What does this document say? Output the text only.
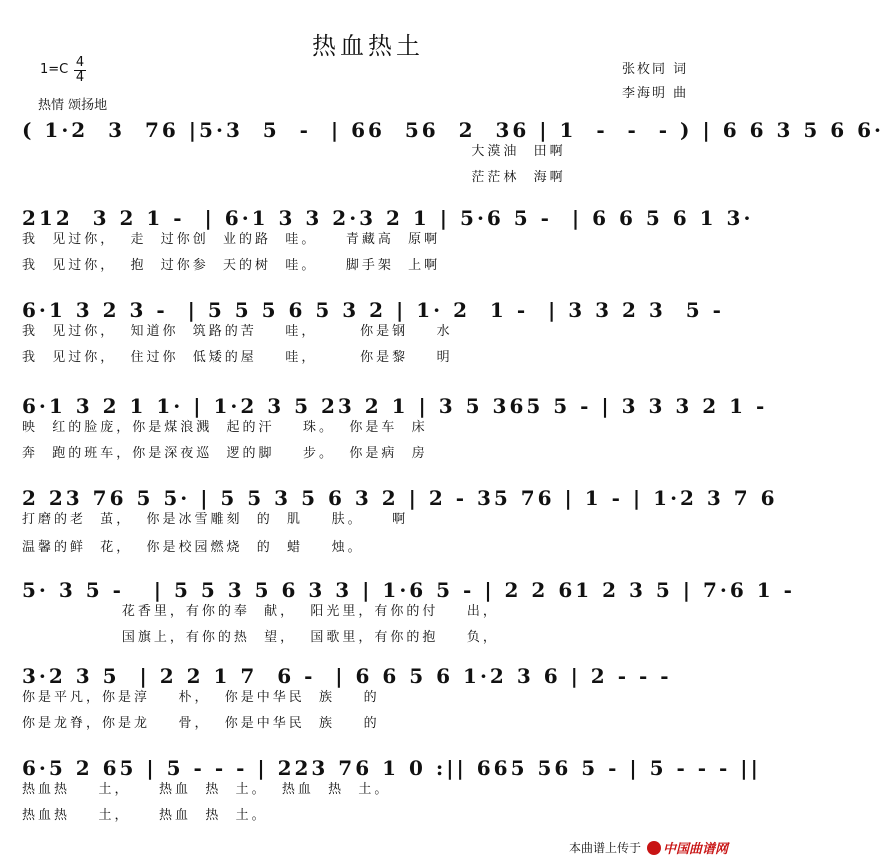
热血热土
$1=C \frac{4}{4}$
热情 颂扬地
张枚同 词
李海明 曲
( 1·2  3  76 |5·3  5  -  | 66  56  2  36 | 1  -  -  - ) | 6 6 3 5 6 6·
大漠油  田啊
茫茫林  海啊
212  3 2 1 -  | 6·1 3 3 2·3 2 1 | 5·6 5 -  | 6 6 5 6 1 3·
我  见过你，  走  过你创  业的路  哇。    青藏高  原啊
我  见过你，  抱  过你参  天的树  哇。    脚手架  上啊
6·1 3 2 3 -  | 5 5 5 6 5 3 2 | 1· 2  1 -  | 3 3 2 3  5 -
我  见过你，  知道你  筑路的苦    哇，      你是钢    水
我  见过你，  住过你  低矮的屋    哇，      你是黎    明
6·1 3 2 1 1· | 1·2 3 5 23 2 1 | 3 5 365 5 - | 3 3 3 2 1 -
映  红的脸庞，你是煤浪溅  起的汗    珠。  你是车  床
奔  跑的班车，你是深夜巡  逻的脚    步。  你是病  房
2 23 76 5 5· | 5 5 3 5 6 3 2 | 2 - 35 76 | 1 - | 1·2 3 7 6
打磨的老  茧，  你是冰雪雕刻  的  肌    肤。    啊
温馨的鲜  花，  你是校园燃烧  的  蜡    烛。
5· 3 5 -   | 5 5 3 5 6 3 3 | 1·6 5 - | 2 2 61 2 3 5 | 7·6 1 -
花香里，有你的奉  献，  阳光里，有你的付    出，
国旗上，有你的热  望，  国歌里，有你的抱    负，
3·2 3 5  | 2 2 1 7  6 -  | 6 6 5 6 1·2 3 6 | 2 - - -
你是平凡，你是淳    朴，  你是中华民  族    的
你是龙脊，你是龙    骨，  你是中华民  族    的
6·5 2 65 | 5 - - - | 223 76 1 0 :|| 665 56 5 - | 5 - - - ||
热血热    土，    热血  热  土。  热血  热  土。
热血热    土，    热血  热  土。
本曲谱上传于 中国曲谱网
